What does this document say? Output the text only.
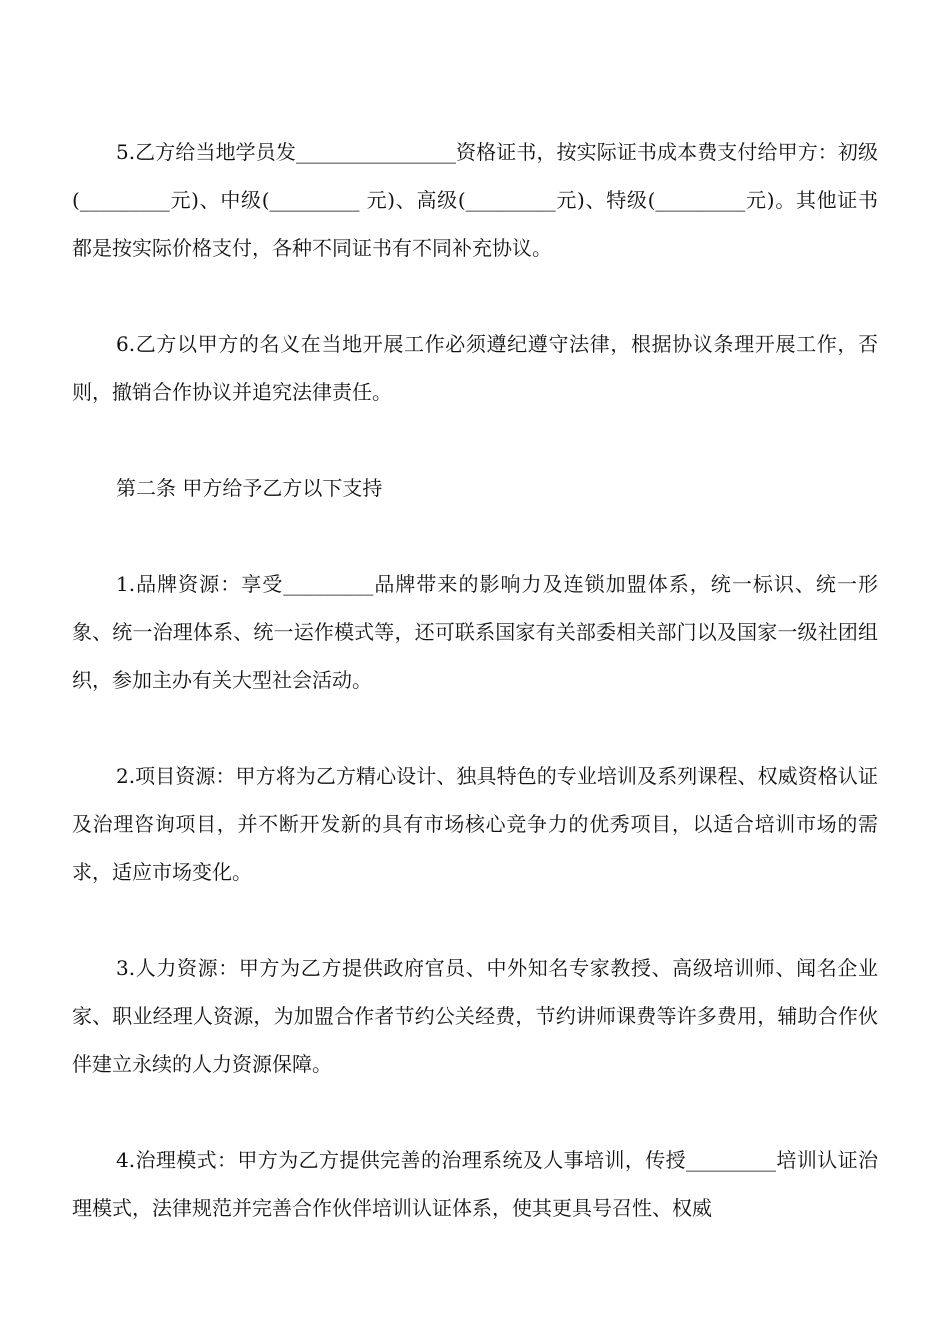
5.乙方给当地学员发________________资格证书，按实际证书成本费支付给甲方：初级(_________元)、中级(_________ 元)、高级(_________元)、特级(_________元)。其他证书都是按实际价格支付，各种不同证书有不同补充协议。

6.乙方以甲方的名义在当地开展工作必须遵纪遵守法律，根据协议条理开展工作，否则，撤销合作协议并追究法律责任。

第二条 甲方给予乙方以下支持

1.品牌资源：享受_________品牌带来的影响力及连锁加盟体系，统一标识、统一形象、统一治理体系、统一运作模式等，还可联系国家有关部委相关部门以及国家一级社团组织，参加主办有关大型社会活动。

2.项目资源：甲方将为乙方精心设计、独具特色的专业培训及系列课程、权威资格认证及治理咨询项目，并不断开发新的具有市场核心竞争力的优秀项目，以适合培训市场的需求，适应市场变化。

3.人力资源：甲方为乙方提供政府官员、中外知名专家教授、高级培训师、闻名企业家、职业经理人资源，为加盟合作者节约公关经费，节约讲师课费等许多费用，辅助合作伙伴建立永续的人力资源保障。

4.治理模式：甲方为乙方提供完善的治理系统及人事培训，传授_________培训认证治理模式，法律规范并完善合作伙伴培训认证体系，使其更具号召性、权威
